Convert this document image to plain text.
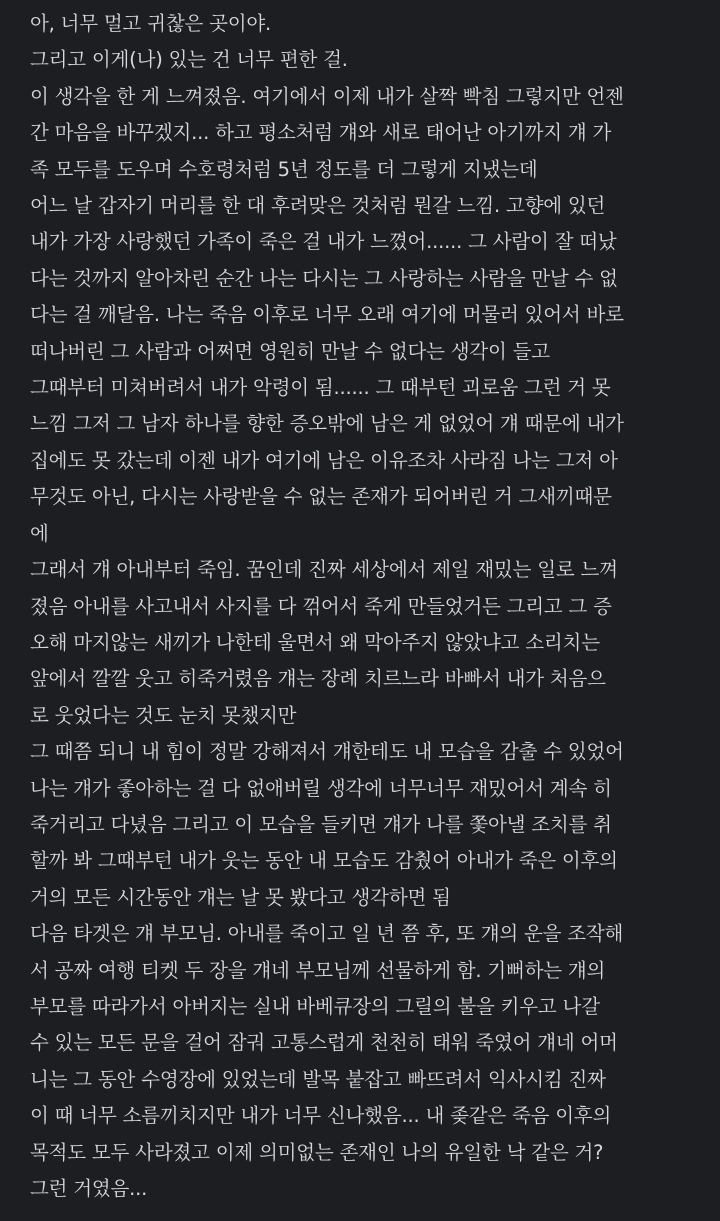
아, 너무 멀고 귀찮은 곳이야.
그리고 이게(나) 있는 건 너무 편한 걸.
이 생각을 한 게 느껴졌음. 여기에서 이제 내가 살짝 빡침 그렇지만 언젠
간 마음을 바꾸겠지... 하고 평소처럼 걔와 새로 태어난 아기까지 걔 가
족 모두를 도우며 수호령처럼 5년 정도를 더 그렇게 지냈는데
어느 날 갑자기 머리를 한 대 후려맞은 것처럼 뭔갈 느낌. 고향에 있던
내가 가장 사랑했던 가족이 죽은 걸 내가 느꼈어...... 그 사람이 잘 떠났
다는 것까지 알아차린 순간 나는 다시는 그 사랑하는 사람을 만날 수 없
다는 걸 깨달음. 나는 죽음 이후로 너무 오래 여기에 머물러 있어서 바로
떠나버린 그 사람과 어쩌면 영원히 만날 수 없다는 생각이 들고
그때부터 미쳐버려서 내가 악령이 됨...... 그 때부턴 괴로움 그런 거 못
느낌 그저 그 남자 하나를 향한 증오밖에 남은 게 없었어 걔 때문에 내가
집에도 못 갔는데 이젠 내가 여기에 남은 이유조차 사라짐 나는 그저 아
무것도 아닌, 다시는 사랑받을 수 없는 존재가 되어버린 거 그새끼때문
에
그래서 걔 아내부터 죽임. 꿈인데 진짜 세상에서 제일 재밌는 일로 느껴
졌음 아내를 사고내서 사지를 다 꺾어서 죽게 만들었거든 그리고 그 증
오해 마지않는 새끼가 나한테 울면서 왜 막아주지 않았냐고 소리치는
앞에서 깔깔 웃고 히죽거렸음 걔는 장례 치르느라 바빠서 내가 처음으
로 웃었다는 것도 눈치 못챘지만
그 때쯤 되니 내 힘이 정말 강해져서 걔한테도 내 모습을 감출 수 있었어
나는 걔가 좋아하는 걸 다 없애버릴 생각에 너무너무 재밌어서 계속 히
죽거리고 다녔음 그리고 이 모습을 들키면 걔가 나를 쫓아낼 조치를 취
할까 봐 그때부턴 내가 웃는 동안 내 모습도 감췄어 아내가 죽은 이후의
거의 모든 시간동안 걔는 날 못 봤다고 생각하면 됨
다음 타겟은 걔 부모님. 아내를 죽이고 일 년 쯤 후, 또 걔의 운을 조작해
서 공짜 여행 티켓 두 장을 걔네 부모님께 선물하게 함. 기뻐하는 걔의
부모를 따라가서 아버지는 실내 바베큐장의 그릴의 불을 키우고 나갈
수 있는 모든 문을 걸어 잠궈 고통스럽게 천천히 태워 죽였어 걔네 어머
니는 그 동안 수영장에 있었는데 발목 붙잡고 빠뜨려서 익사시킴 진짜
이 때 너무 소름끼치지만 내가 너무 신나했음... 내 좆같은 죽음 이후의
목적도 모두 사라졌고 이제 의미없는 존재인 나의 유일한 낙 같은 거?
그런 거였음...
